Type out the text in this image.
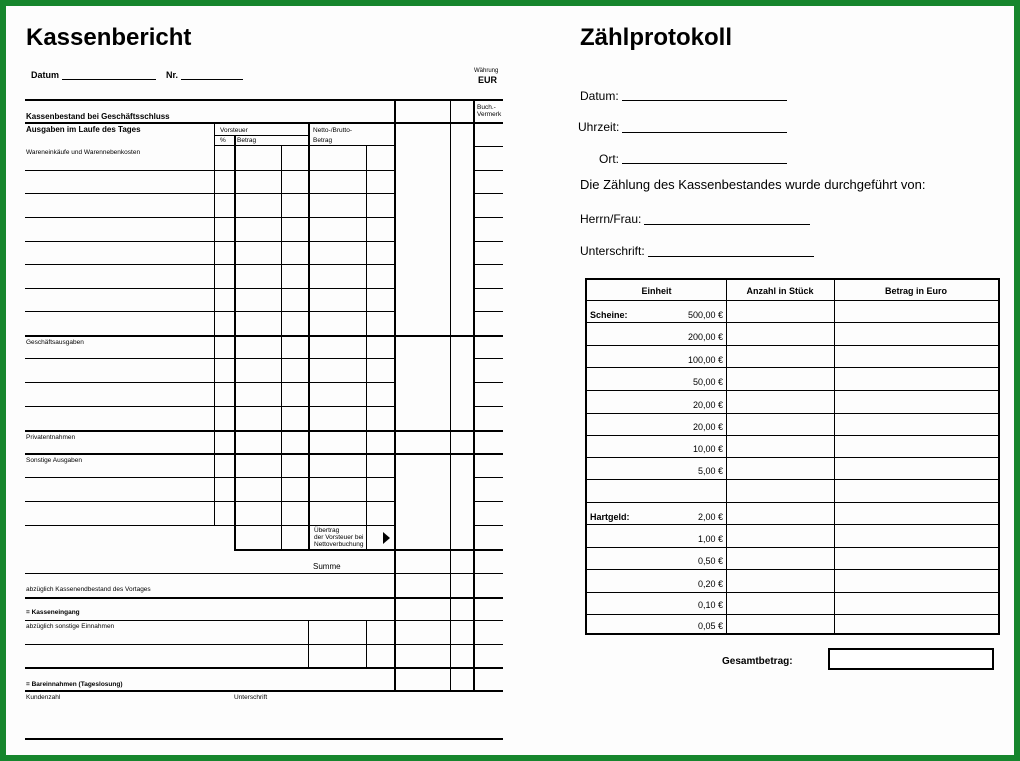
Kassenbericht
Datum	Nr.	Währung
EUR
Kassenbestand bei Geschäftsschluss
Buch.-
Vermerk
Ausgaben im Laufe des Tages	Vorsteuer
% Betrag
Netto-/Brutto-
Betrag
Wareneinkäufe und Warennebenkosten
Geschäftsausgaben
Privatentnahmen
Sonstige Ausgaben
Übertrag
der Vorsteuer bei
Nettoverbuchung
Summe
abzüglich Kassenendbestand des Vortages
= Kasseneingang
abzüglich sonstige Einnahmen
= Bareinnahmen (Tageslosung)
Kundenzahl	Unterschrift
Zählprotokoll
Datum:
Uhrzeit:
Ort:
Die Zählung des Kassenbestandes wurde durchgeführt von:
Herrn/Frau:
Unterschrift:
Einheit	Anzahl in Stück	Betrag in Euro
Scheine:	500,00 €
200,00 €
100,00 €
50,00 €
20,00 €
20,00 €
10,00 €
5,00 €
Hartgeld:	2,00 €
1,00 €
0,50 €
0,20 €
0,10 €
0,05 €
Gesamtbetrag:
